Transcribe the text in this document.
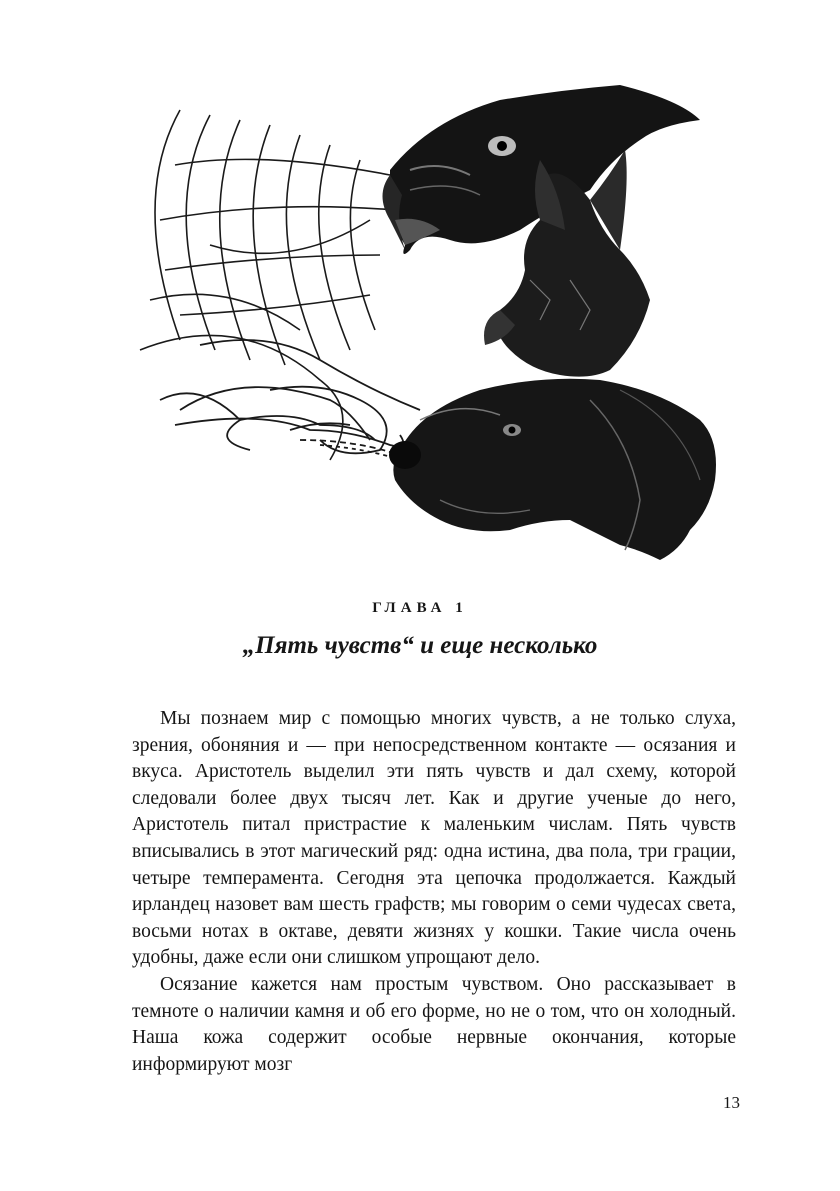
ГЛАВА 1
„Пять чувств“ и еще несколько

Мы познаем мир с помощью многих чувств, а не только слуха, зрения, обоняния и — при непосредственном контакте — осязания и вкуса. Аристотель выделил эти пять чувств и дал схему, которой следовали более двух тысяч лет. Как и другие ученые до него, Аристотель питал пристрастие к маленьким числам. Пять чувств вписывались в этот магический ряд: одна истина, два пола, три грации, четыре темперамента. Сегодня эта цепочка продолжается. Каждый ирландец назовет вам шесть графств; мы говорим о семи чудесах света, восьми нотах в октаве, девяти жизнях у кошки. Такие числа очень удобны, даже если они слишком упрощают дело.

Осязание кажется нам простым чувством. Оно рассказывает в темноте о наличии камня и об его форме, но не о том, что он холодный. Наша кожа содержит особые нервные окончания, которые информируют мозг

13
